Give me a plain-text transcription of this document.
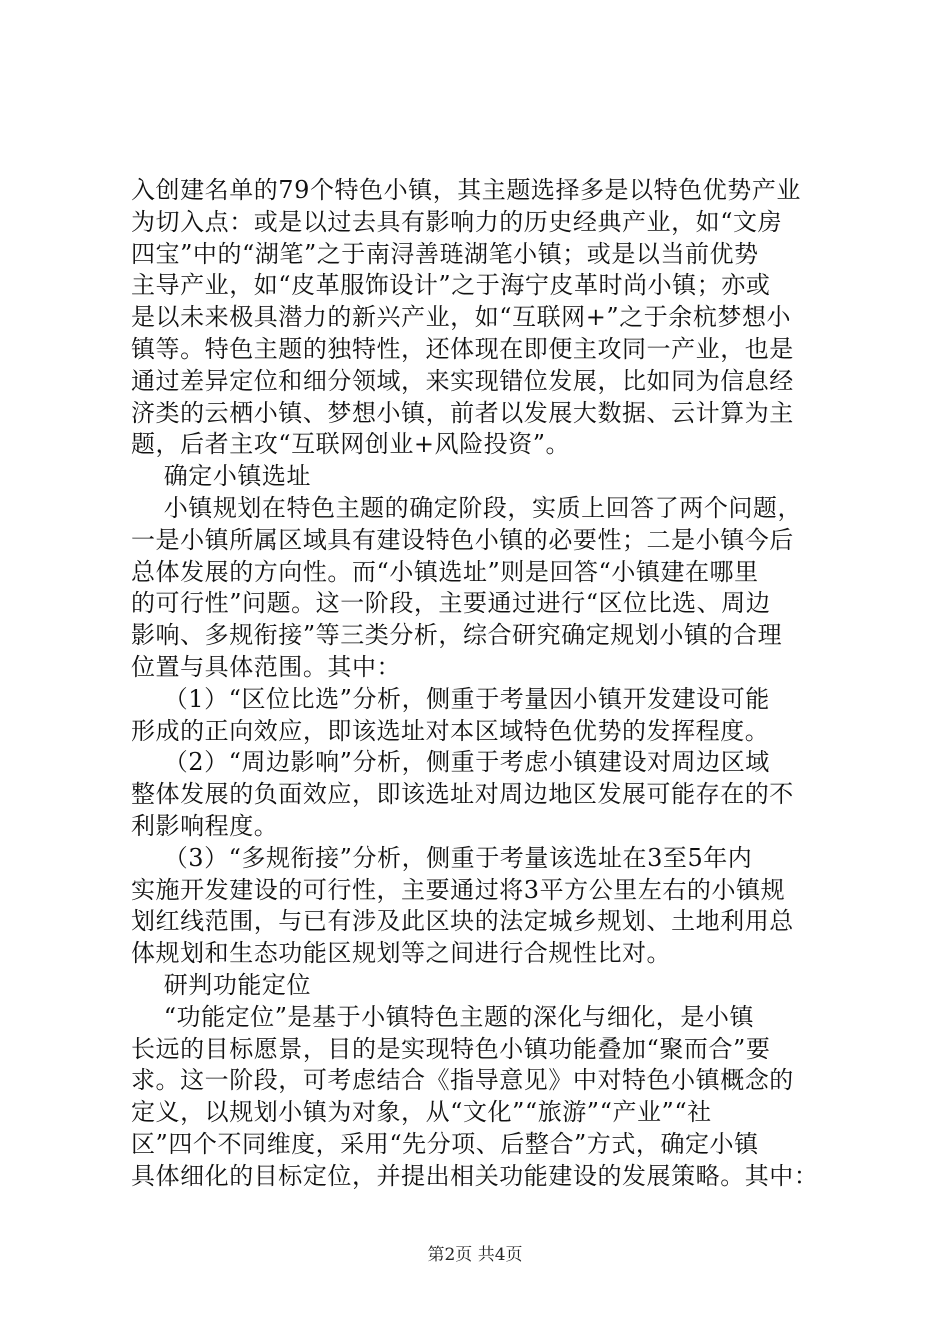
入创建名单的79个特色小镇，其主题选择多是以特色优势产业
为切入点：或是以过去具有影响力的历史经典产业，如“文房
四宝”中的“湖笔”之于南浔善琏湖笔小镇；或是以当前优势
主导产业，如“皮革服饰设计”之于海宁皮革时尚小镇；亦或
是以未来极具潜力的新兴产业，如“互联网+”之于余杭梦想小
镇等。特色主题的独特性，还体现在即便主攻同一产业，也是
通过差异定位和细分领域，来实现错位发展，比如同为信息经
济类的云栖小镇、梦想小镇，前者以发展大数据、云计算为主
题，后者主攻“互联网创业+风险投资”。
确定小镇选址
小镇规划在特色主题的确定阶段，实质上回答了两个问题，
一是小镇所属区域具有建设特色小镇的必要性；二是小镇今后
总体发展的方向性。而“小镇选址”则是回答“小镇建在哪里
的可行性”问题。这一阶段，主要通过进行“区位比选、周边
影响、多规衔接”等三类分析，综合研究确定规划小镇的合理
位置与具体范围。其中：
（1）“区位比选”分析，侧重于考量因小镇开发建设可能
形成的正向效应，即该选址对本区域特色优势的发挥程度。
（2）“周边影响”分析，侧重于考虑小镇建设对周边区域
整体发展的负面效应，即该选址对周边地区发展可能存在的不
利影响程度。
（3）“多规衔接”分析，侧重于考量该选址在3至5年内
实施开发建设的可行性，主要通过将3平方公里左右的小镇规
划红线范围，与已有涉及此区块的法定城乡规划、土地利用总
体规划和生态功能区规划等之间进行合规性比对。
研判功能定位
“功能定位”是基于小镇特色主题的深化与细化，是小镇
长远的目标愿景，目的是实现特色小镇功能叠加“聚而合”要
求。这一阶段，可考虑结合《指导意见》中对特色小镇概念的
定义，以规划小镇为对象，从“文化”“旅游”“产业”“社
区”四个不同维度，采用“先分项、后整合”方式，确定小镇
具体细化的目标定位，并提出相关功能建设的发展策略。其中：
第2页 共4页
